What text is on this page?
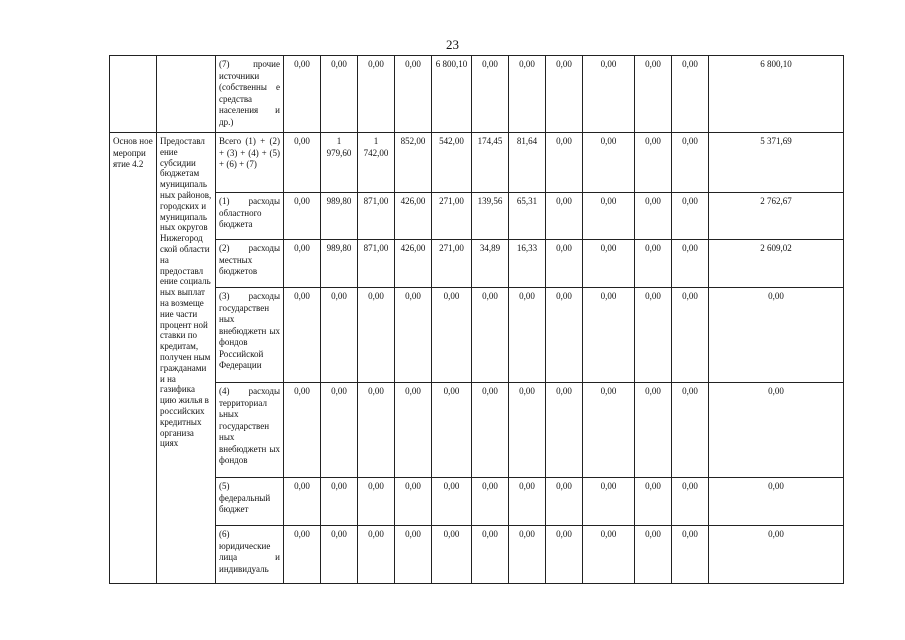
23
		(7) прочие источники (собственны е средства населения и др.)	0,00	0,00	0,00	0,00	6 800,10	0,00	0,00	0,00	0,00	0,00	0,00	6 800,10
Основ ное меропри ятие 4.2	Предоставл ение субсидии бюджетам муниципаль ных районов, городских и муниципаль ных округов Нижегород ской области на предоставл ение социаль ных выплат на возмеще ние части процент ной ставки по кредитам, получен ным гражданами и на газифика цию жилья в российских кредитных организа циях	Всего (1) + (2) + (3) + (4) + (5) + (6) + (7)	0,00	1 979,60	1 742,00	852,00	542,00	174,45	81,64	0,00	0,00	0,00	0,00	5 371,69
		(1) расходы областного бюджета	0,00	989,80	871,00	426,00	271,00	139,56	65,31	0,00	0,00	0,00	0,00	2 762,67
		(2) расходы местных бюджетов	0,00	989,80	871,00	426,00	271,00	34,89	16,33	0,00	0,00	0,00	0,00	2 609,02
		(3) расходы государствен ных внебюджетн ых фондов Российской Федерации	0,00	0,00	0,00	0,00	0,00	0,00	0,00	0,00	0,00	0,00	0,00	0,00
		(4) расходы территориал ьных государствен ных внебюджетн ых фондов	0,00	0,00	0,00	0,00	0,00	0,00	0,00	0,00	0,00	0,00	0,00	0,00
		(5) федеральный бюджет	0,00	0,00	0,00	0,00	0,00	0,00	0,00	0,00	0,00	0,00	0,00	0,00
		(6) юридические лица и индивидуаль	0,00	0,00	0,00	0,00	0,00	0,00	0,00	0,00	0,00	0,00	0,00	0,00
